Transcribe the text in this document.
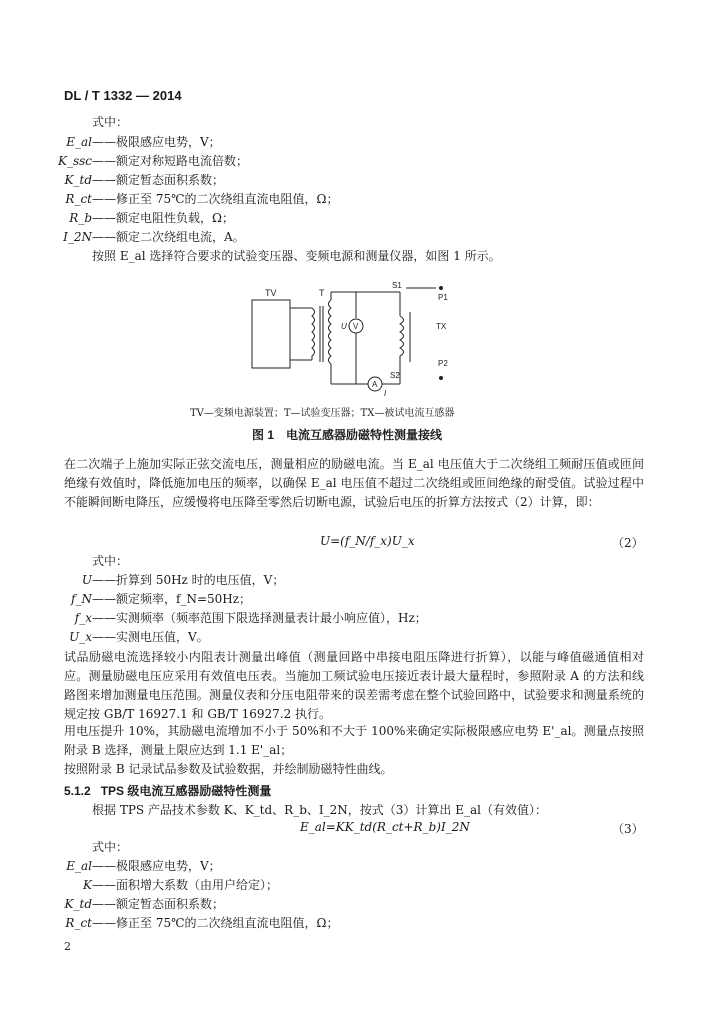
DL / T 1332 — 2014
式中：
E_al——极限感应电势，V；
K_ssc——额定对称短路电流倍数；
K_td——额定暂态面积系数；
R_ct——修正至 75℃的二次绕组直流电阻值，Ω；
R_b——额定电阻性负载，Ω；
I_2N——额定二次绕组电流，A。
按照 E_al 选择符合要求的试验变压器、变频电源和测量仪器，如图 1 所示。
TV	T
V
U
A
I
S1
P1
TX
S2
P2
TV—变频电源装置；T—试验变压器；TX—被试电流互感器
图 1　电流互感器励磁特性测量接线
在二次端子上施加实际正弦交流电压，测量相应的励磁电流。当 E_al 电压值大于二次绕组工频耐压值或匝间绝缘有效值时，降低施加电压的频率，以确保 E_al 电压值不超过二次绕组或匝间绝缘的耐受值。试验过程中不能瞬间断电降压，应缓慢将电压降至零然后切断电源，试验后电压的折算方法按式（2）计算，即：
U=(f_N/f_x)U_x	（2）
式中：
U——折算到 50Hz 时的电压值，V；
f_N——额定频率，f_N=50Hz；
f_x——实测频率（频率范围下限选择测量表计最小响应值），Hz；
U_x——实测电压值，V。
试品励磁电流选择较小内阻表计测量出峰值（测量回路中串接电阻压降进行折算），以能与峰值磁通值相对应。测量励磁电压应采用有效值电压表。当施加工频试验电压接近表计最大量程时，参照附录 A 的方法和线路图来增加测量电压范围。测量仪表和分压电阻带来的误差需考虑在整个试验回路中，试验要求和测量系统的规定按 GB/T 16927.1 和 GB/T 16927.2 执行。
用电压提升 10%，其励磁电流增加不小于 50%和不大于 100%来确定实际极限感应电势 E'_al。测量点按照附录 B 选择，测量上限应达到 1.1 E'_al；
按照附录 B 记录试品参数及试验数据，并绘制励磁特性曲线。
5.1.2 TPS 级电流互感器励磁特性测量
根据 TPS 产品技术参数 K、K_td、R_b、I_2N，按式（3）计算出 E_al（有效值）：
E_al=KK_td(R_ct+R_b)I_2N	（3）
式中：
E_al——极限感应电势，V；
K——面积增大系数（由用户给定）；
K_td——额定暂态面积系数；
R_ct——修正至 75℃的二次绕组直流电阻值，Ω；
2
